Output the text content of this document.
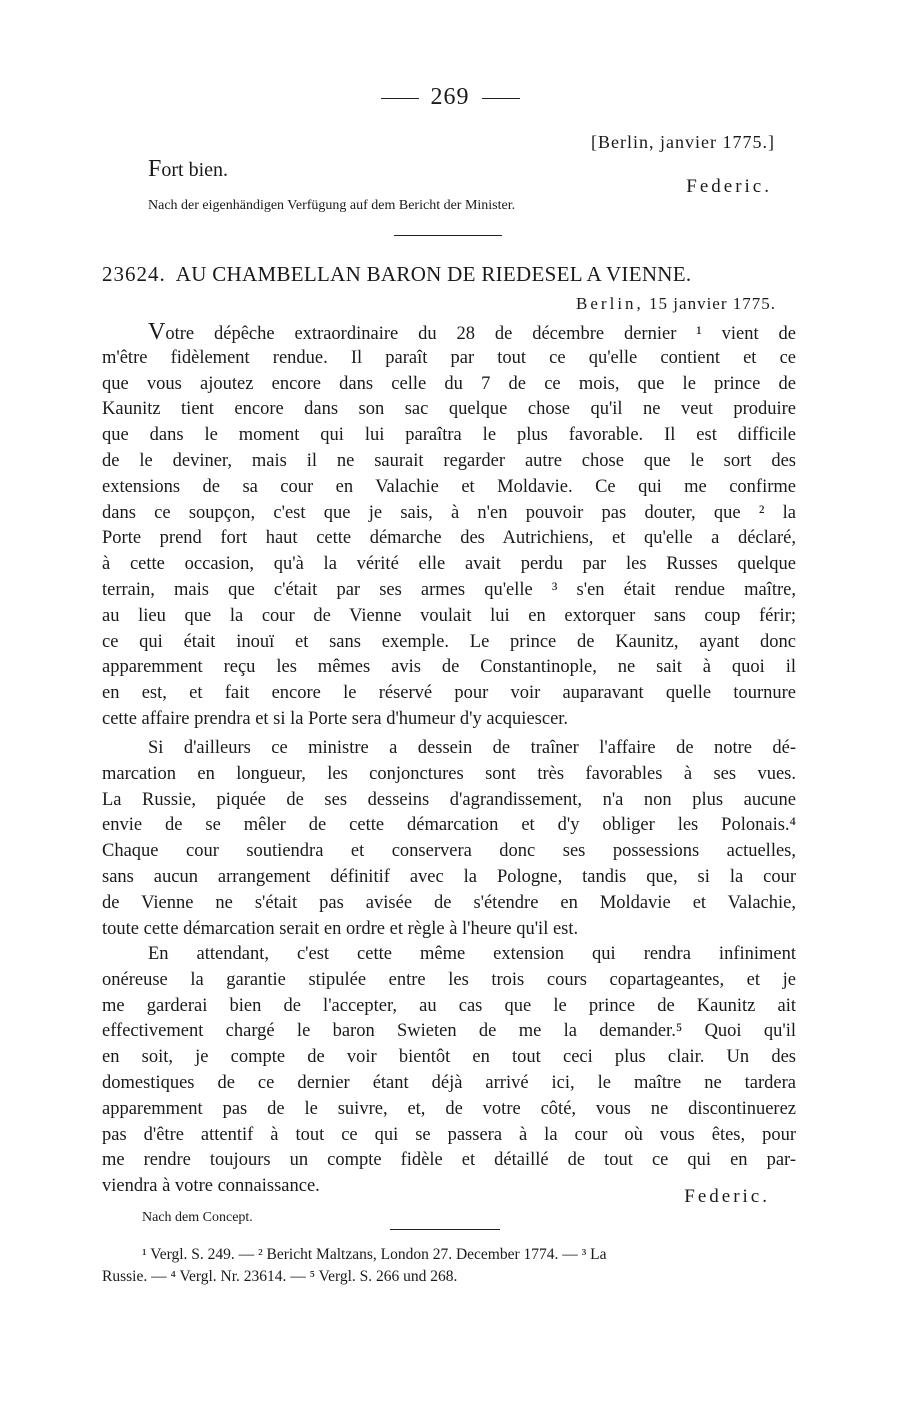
269
[Berlin, janvier 1775.]
Fort bien.
Federic.
Nach der eigenhändigen Verfügung auf dem Bericht der Minister.
23624. AU CHAMBELLAN BARON DE RIEDESEL A VIENNE.
Berlin, 15 janvier 1775.
Votre dépêche extraordinaire du 28 de décembre dernier ¹ vient de
m'être fidèlement rendue. Il paraît par tout ce qu'elle contient et ce
que vous ajoutez encore dans celle du 7 de ce mois, que le prince de
Kaunitz tient encore dans son sac quelque chose qu'il ne veut produire
que dans le moment qui lui paraîtra le plus favorable. Il est difficile
de le deviner, mais il ne saurait regarder autre chose que le sort des
extensions de sa cour en Valachie et Moldavie. Ce qui me confirme
dans ce soupçon, c'est que je sais, à n'en pouvoir pas douter, que ² la
Porte prend fort haut cette démarche des Autrichiens, et qu'elle a déclaré,
à cette occasion, qu'à la vérité elle avait perdu par les Russes quelque
terrain, mais que c'était par ses armes qu'elle ³ s'en était rendue maître,
au lieu que la cour de Vienne voulait lui en extorquer sans coup férir;
ce qui était inouï et sans exemple. Le prince de Kaunitz, ayant donc
apparemment reçu les mêmes avis de Constantinople, ne sait à quoi il
en est, et fait encore le réservé pour voir auparavant quelle tournure
cette affaire prendra et si la Porte sera d'humeur d'y acquiescer.
Si d'ailleurs ce ministre a dessein de traîner l'affaire de notre dé-
marcation en longueur, les conjonctures sont très favorables à ses vues.
La Russie, piquée de ses desseins d'agrandissement, n'a non plus aucune
envie de se mêler de cette démarcation et d'y obliger les Polonais.⁴
Chaque cour soutiendra et conservera donc ses possessions actuelles,
sans aucun arrangement définitif avec la Pologne, tandis que, si la cour
de Vienne ne s'était pas avisée de s'étendre en Moldavie et Valachie,
toute cette démarcation serait en ordre et règle à l'heure qu'il est.
En attendant, c'est cette même extension qui rendra infiniment
onéreuse la garantie stipulée entre les trois cours copartageantes, et je
me garderai bien de l'accepter, au cas que le prince de Kaunitz ait
effectivement chargé le baron Swieten de me la demander.⁵ Quoi qu'il
en soit, je compte de voir bientôt en tout ceci plus clair. Un des
domestiques de ce dernier étant déjà arrivé ici, le maître ne tardera
apparemment pas de le suivre, et, de votre côté, vous ne discontinuerez
pas d'être attentif à tout ce qui se passera à la cour où vous êtes, pour
me rendre toujours un compte fidèle et détaillé de tout ce qui en par-
viendra à votre connaissance.	Federic.
Nach dem Concept.
¹ Vergl. S. 249. — ² Bericht Maltzans, London 27. December 1774. — ³ La
Russie. — ⁴ Vergl. Nr. 23614. — ⁵ Vergl. S. 266 und 268.
